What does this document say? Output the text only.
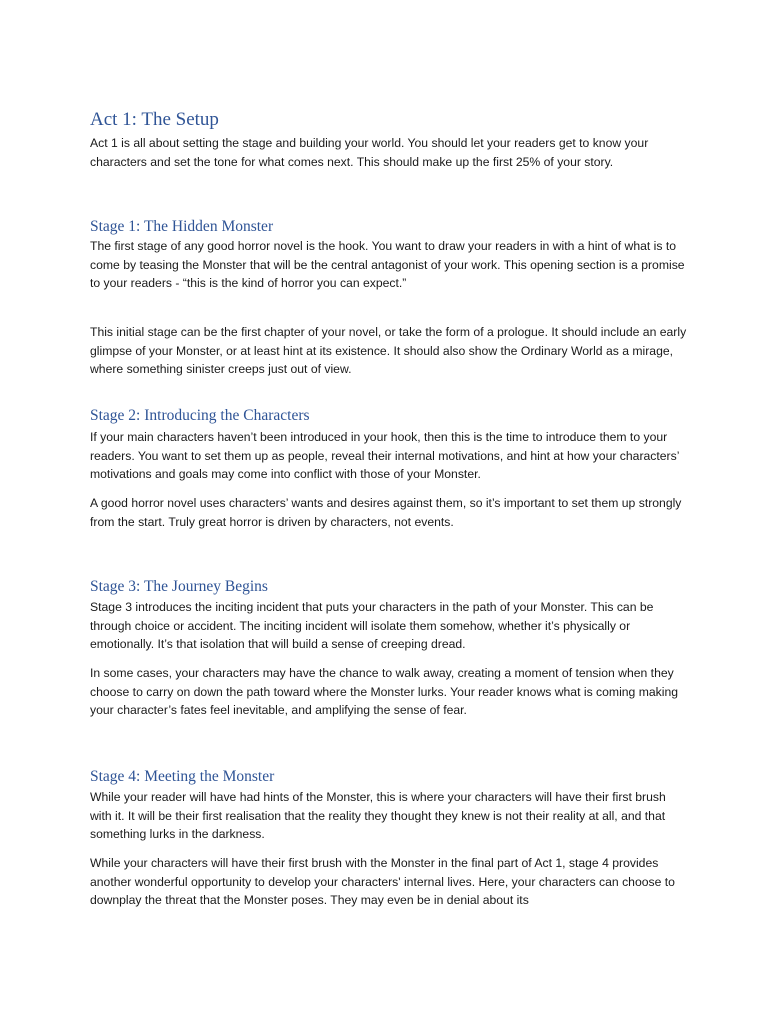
Act 1: The Setup

Act 1 is all about setting the stage and building your world. You should let your readers get to know your characters and set the tone for what comes next. This should make up the first 25% of your story.

Stage 1: The Hidden Monster

The first stage of any good horror novel is the hook. You want to draw your readers in with a hint of what is to come by teasing the Monster that will be the central antagonist of your work. This opening section is a promise to your readers - “this is the kind of horror you can expect.”

This initial stage can be the first chapter of your novel, or take the form of a prologue. It should include an early glimpse of your Monster, or at least hint at its existence. It should also show the Ordinary World as a mirage, where something sinister creeps just out of view.

Stage 2: Introducing the Characters

If your main characters haven’t been introduced in your hook, then this is the time to introduce them to your readers. You want to set them up as people, reveal their internal motivations, and hint at how your characters’ motivations and goals may come into conflict with those of your Monster.

A good horror novel uses characters’ wants and desires against them, so it’s important to set them up strongly from the start. Truly great horror is driven by characters, not events.

Stage 3: The Journey Begins

Stage 3 introduces the inciting incident that puts your characters in the path of your Monster. This can be through choice or accident. The inciting incident will isolate them somehow, whether it’s physically or emotionally. It’s that isolation that will build a sense of creeping dread.

In some cases, your characters may have the chance to walk away, creating a moment of tension when they choose to carry on down the path toward where the Monster lurks. Your reader knows what is coming making your character’s fates feel inevitable, and amplifying the sense of fear.

Stage 4: Meeting the Monster

While your reader will have had hints of the Monster, this is where your characters will have their first brush with it. It will be their first realisation that the reality they thought they knew is not their reality at all, and that something lurks in the darkness.

While your characters will have their first brush with the Monster in the final part of Act 1, stage 4 provides another wonderful opportunity to develop your characters' internal lives. Here, your characters can choose to downplay the threat that the Monster poses. They may even be in denial about its
